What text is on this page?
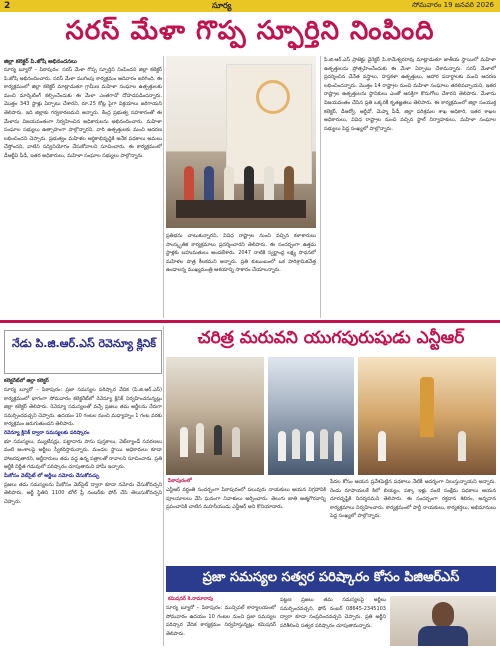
2	సూర్య	సోమవారం 19 జనవరి 2026
సరస్ మేళా గొప్ప స్ఫూర్తిని నింపింది
జిల్లా కలెక్టర్ పి.జోషి అభినందనలు
సూర్య బ్యూరో – పిఠాపురం: సరస్ మేళా గొప్ప స్ఫూర్తిని నింపిందని జిల్లా కలెక్టర్ పి.జోషి అభినందించారు. సరస్ మేళా ముగింపు కార్యక్రమం ఆదివారం జరిగింది. ఈ కార్యక్రమంలో జిల్లా కలెక్టర్ మాట్లాడుతూ గ్రామీణ మహిళా సంఘాల ఉత్పత్తులకు మంచి మార్కెటింగ్ కల్పించేందుకు ఈ మేళా ఎంతగానో దోహదపడిందన్నారు. మొత్తం 343 స్టాళ్లు ఏర్పాటు చేశారని, రూ.25 కోట్ల పైగా విక్రయాలు జరిగాయని తెలిపారు. ఇది జిల్లాకు గర్వకారణమని అన్నారు. కేంద్ర ప్రభుత్వ సహకారంతో ఈ మేళాను విజయవంతంగా నిర్వహించిన అధికారులను అభినందించారు. మహిళా సంఘాల సభ్యులు ఉత్సాహంగా పాల్గొన్నారని, వారి ఉత్పత్తులకు మంచి ఆదరణ లభించిందని చెప్పారు. ప్రభుత్వం మహిళల ఆర్థికాభివృద్ధికి అనేక పథకాలు అమలు చేస్తోందని, వాటిని సద్వినియోగం చేసుకోవాలని సూచించారు. ఈ కార్యక్రమంలో డీఆర్డీఏ పీడీ, ఇతర అధికారులు, మహిళా సంఘాల సభ్యులు పాల్గొన్నారు.
ప్రతిభను చాటుకున్నారని, వివిధ రాష్ట్రాల నుంచి వచ్చిన కళాకారులు సాంస్కృతిక కార్యక్రమాలు ప్రదర్శించారని తెలిపారు. ఈ సందర్భంగా ఉత్తమ స్టాళ్లకు బహుమతులు అందజేశారు. 2047 నాటికి స్వర్ణాంధ్ర లక్ష్య సాధనలో మహిళల పాత్ర కీలకమని అన్నారు. ప్రతి కుటుంబంలో ఒక పారిశ్రామికవేత్త ఉండాలన్న ముఖ్యమంత్రి ఆశయాన్ని సాకారం చేయాలన్నారు.
పి.జి.ఆర్.ఎస్ ప్రాజెక్టు డైరెక్టర్ పి.కామేశ్వరరావు మాట్లాడుతూ జాతీయ స్థాయిలో మహిళా ఉత్పత్తులను ప్రోత్సహించేందుకు ఈ మేళా ఏర్పాటు చేశామన్నారు. సరస్ మేళాలో ప్రదర్శించిన చేనేత వస్త్రాలు, హస్తకళా ఉత్పత్తులు, ఆహార పదార్థాలకు మంచి ఆదరణ లభించిందన్నారు. మొత్తం 14 రాష్ట్రాల నుంచి మహిళా సంఘాలు తరలివచ్చాయని, ఇతర రాష్ట్రాల ఉత్పత్తులను స్థానికులు ఎంతో ఆసక్తిగా కొనుగోలు చేశారని తెలిపారు. మేళాను విజయవంతం చేసిన ప్రతి ఒక్కరికీ కృతజ్ఞతలు తెలిపారు. ఈ కార్యక్రమంలో జిల్లా సంయుక్త కలెక్టర్, డీఆర్వో, ఆర్డీవో, మెప్మా పీడీ, జిల్లా పరిశ్రమల శాఖ అధికారి, ఇతర శాఖల అధికారులు, వివిధ రాష్ట్రాల నుంచి వచ్చిన స్టాల్ నిర్వాహకులు, మహిళా సంఘాల సభ్యులు పెద్ద సంఖ్యలో పాల్గొన్నారు.
నేడు పి.జి.ఆర్.ఎస్ రెవెన్యూ క్లినిక్
కలెక్టరేట్‌లో జిల్లా కలెక్టర్
సూర్య బ్యూరో – పిఠాపురం: ప్రజా సమస్యల పరిష్కార వేదిక (పి.జి.ఆర్.ఎస్) కార్యక్రమంలో భాగంగా సోమవారం కలెక్టరేట్‌లో రెవెన్యూ క్లినిక్ నిర్వహించనున్నట్లు జిల్లా కలెక్టర్ తెలిపారు. రెవెన్యూ సమస్యలతో వచ్చే ప్రజలు తమ అర్జీలను నేరుగా సమర్పించవచ్చని చెప్పారు. ఉదయం 10 గంటల నుంచి మధ్యాహ్నం 1 గంట వరకు కార్యక్రమం జరుగుతుందని తెలిపారు.
రెవెన్యూ క్లినిక్ ద్వారా సమస్యలకు పరిష్కారం
భూ సమస్యలు, మ్యుటేషన్లు, పట్టాదారు పాసు పుస్తకాలు, వెబ్‌ల్యాండ్ సవరణలు వంటి అంశాలపై అర్జీలు స్వీకరిస్తామన్నారు. మండల స్థాయి అధికారులు కూడా హాజరవుతారని, అర్జీదారులు తమ వద్ద ఉన్న పత్రాలతో రావాలని సూచించారు. ప్రతి అర్జీకి నిర్ణీత గడువులో పరిష్కారం చూపుతామని హామీ ఇచ్చారు.
మీకోసం వెబ్‌సైట్ లో అర్జీలు నమోదు చేసుకోవచ్చు
ప్రజలు తమ సమస్యలను మీకోసం వెబ్‌సైట్ ద్వారా కూడా నమోదు చేసుకోవచ్చని తెలిపారు. అర్జీ స్థితిని 1100 టోల్ ఫ్రీ నంబర్‌కు ఫోన్ చేసి తెలుసుకోవచ్చని చెప్పారు.
చరిత్ర మరువని యుగపురుషుడు ఎన్టీఆర్
పిఠాపురంలో
ఎన్టీఆర్ వర్ధంతి సందర్భంగా పిఠాపురంలో పలువురు నాయకులు ఆయన విగ్రహానికి పూలమాలలు వేసి ఘనంగా నివాళులు అర్పించారు. తెలుగు జాతి ఆత్మగౌరవాన్ని ప్రపంచానికి చాటిన మహనీయుడు ఎన్టీఆర్ అని కొనియాడారు.
పేదల కోసం ఆయన ప్రవేశపెట్టిన పథకాలు నేటికీ ఆదర్శంగా నిలుస్తున్నాయని అన్నారు. రెండు రూపాయలకే కిలో బియ్యం, పక్కా ఇళ్లు వంటి సంక్షేమ పథకాలు ఆయన దూరదృష్టికి నిదర్శనమని తెలిపారు. ఈ సందర్భంగా రక్తదాన శిబిరం, అన్నదాన కార్యక్రమాలు నిర్వహించారు. కార్యక్రమంలో పార్టీ నాయకులు, కార్యకర్తలు, అభిమానులు పెద్ద సంఖ్యలో పాల్గొన్నారు.
ప్రజా సమస్యల సత్వర పరిష్కారం కోసం పిజిఆర్ఎస్
కమిషనర్ కె.రామారావు
సూర్య బ్యూరో – పిఠాపురం: మున్సిపల్ కార్యాలయంలో సోమవారం ఉదయం 10 గంటల నుంచి ప్రజా సమస్యల పరిష్కార వేదిక కార్యక్రమం నిర్వహిస్తున్నట్లు కమిషనర్ తెలిపారు.
పట్టణ ప్రజలు తమ సమస్యలపై అర్జీలు సమర్పించవచ్చని, ఫోన్ నంబర్ 08645-2345103 ద్వారా కూడా సంప్రదించవచ్చని చెప్పారు. ప్రతి అర్జీని పరిశీలించి సత్వర పరిష్కారం చూపుతామన్నారు.
